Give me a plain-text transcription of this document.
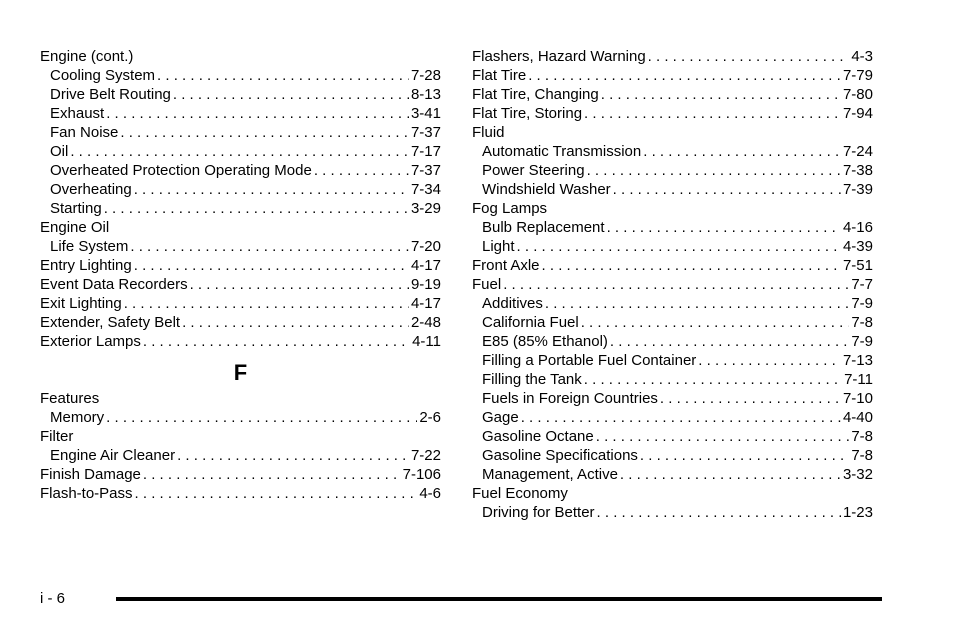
Engine (cont.)
Cooling System . . .	7-28
Drive Belt Routing . . .	8-13
Exhaust . . .	3-41
Fan Noise . . .	7-37
Oil . . .	7-17
Overheated Protection Operating Mode . . .	7-37
Overheating . . .	7-34
Starting . . .	3-29
Engine Oil
Life System . . .	7-20
Entry Lighting . . .	4-17
Event Data Recorders . . .	9-19
Exit Lighting . . .	4-17
Extender, Safety Belt . . .	2-48
Exterior Lamps . . .	4-11
F
Features
Memory . . .	2-6
Filter
Engine Air Cleaner . . .	7-22
Finish Damage . . .	7-106
Flash-to-Pass . . .	4-6
Flashers, Hazard Warning . . .	4-3
Flat Tire . . .	7-79
Flat Tire, Changing . . .	7-80
Flat Tire, Storing . . .	7-94
Fluid
Automatic Transmission . . .	7-24
Power Steering . . .	7-38
Windshield Washer . . .	7-39
Fog Lamps
Bulb Replacement . . .	4-16
Light . . .	4-39
Front Axle . . .	7-51
Fuel . . .	7-7
Additives . . .	7-9
California Fuel . . .	7-8
E85 (85% Ethanol) . . .	7-9
Filling a Portable Fuel Container . . .	7-13
Filling the Tank . . .	7-11
Fuels in Foreign Countries . . .	7-10
Gage . . .	4-40
Gasoline Octane . . .	7-8
Gasoline Specifications . . .	7-8
Management, Active . . .	3-32
Fuel Economy
Driving for Better . . .	1-23
i - 6
